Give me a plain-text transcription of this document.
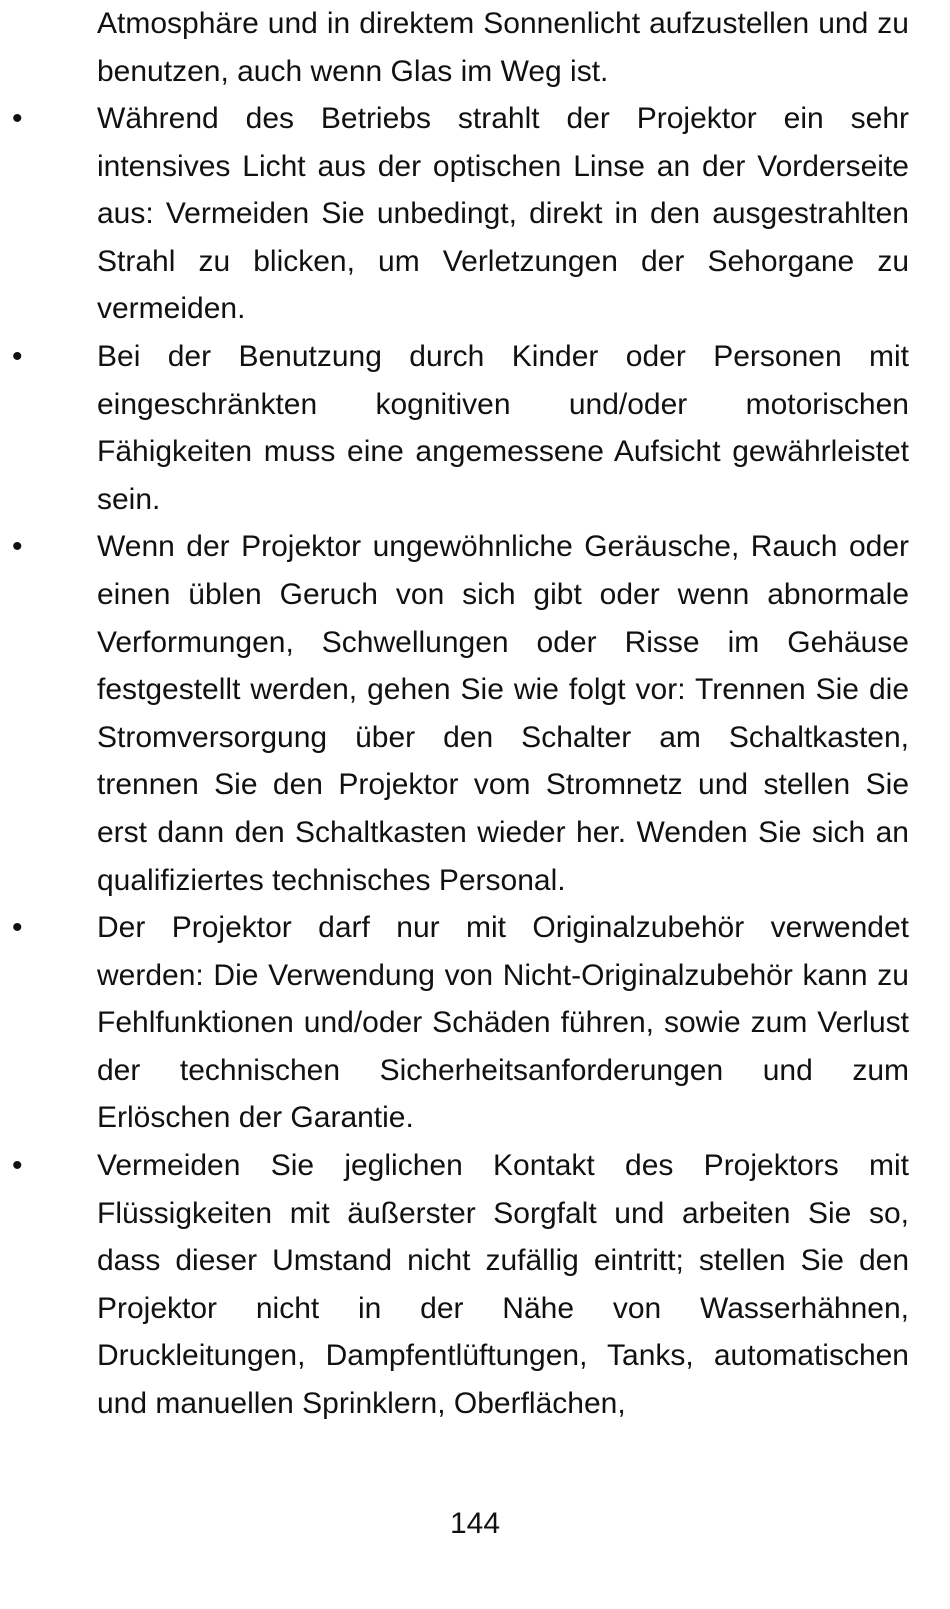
Atmosphäre und in direktem Sonnenlicht aufzustellen und zu benutzen, auch wenn Glas im Weg ist.

•	Während des Betriebs strahlt der Projektor ein sehr intensives Licht aus der optischen Linse an der Vorderseite aus: Vermeiden Sie unbedingt, direkt in den ausgestrahlten Strahl zu blicken, um Verletzungen der Sehorgane zu vermeiden.
•	Bei der Benutzung durch Kinder oder Personen mit eingeschränkten kognitiven und/oder motorischen Fähigkeiten muss eine angemessene Aufsicht gewährleistet sein.
•	Wenn der Projektor ungewöhnliche Geräusche, Rauch oder einen üblen Geruch von sich gibt oder wenn abnormale Verformungen, Schwellungen oder Risse im Gehäuse festgestellt werden, gehen Sie wie folgt vor: Trennen Sie die Stromversorgung über den Schalter am Schaltkasten, trennen Sie den Projektor vom Stromnetz und stellen Sie erst dann den Schaltkasten wieder her. Wenden Sie sich an qualifiziertes technisches Personal.
•	Der Projektor darf nur mit Originalzubehör verwendet werden: Die Verwendung von Nicht-Originalzubehör kann zu Fehlfunktionen und/oder Schäden führen, sowie zum Verlust der technischen Sicherheitsanforderungen und zum Erlöschen der Garantie.
•	Vermeiden Sie jeglichen Kontakt des Projektors mit Flüssigkeiten mit äußerster Sorgfalt und arbeiten Sie so, dass dieser Umstand nicht zufällig eintritt; stellen Sie den Projektor nicht in der Nähe von Wasserhähnen, Druckleitungen, Dampfentlüftungen, Tanks, automatischen und manuellen Sprinklern, Oberflächen,
144
